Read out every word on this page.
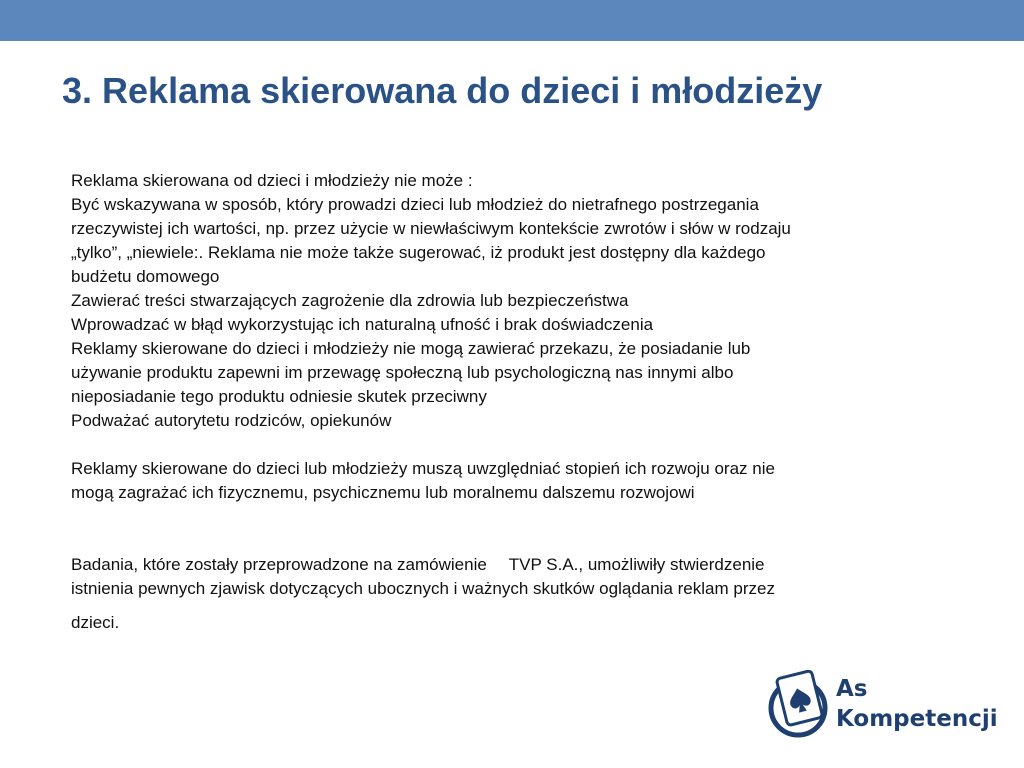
3. Reklama skierowana do dzieci i młodzieży

Reklama skierowana od dzieci i młodzieży nie może :

Być wskazywana w sposób, który prowadzi dzieci lub młodzież do nietrafnego postrzegania

rzeczywistej ich wartości, np. przez użycie w niewłaściwym kontekście zwrotów i słów w rodzaju

„tylko”, „niewiele:. Reklama nie może także sugerować, iż produkt jest dostępny dla każdego

budżetu domowego

Zawierać treści stwarzających zagrożenie dla zdrowia lub bezpieczeństwa

Wprowadzać w błąd wykorzystując ich naturalną ufność i brak doświadczenia

Reklamy skierowane do dzieci i młodzieży nie mogą zawierać przekazu, że posiadanie lub

używanie produktu zapewni im przewagę społeczną lub psychologiczną nas innymi albo

nieposiadanie tego produktu odniesie skutek przeciwny

Podważać autorytetu rodziców, opiekunów

Reklamy skierowane do dzieci lub młodzieży muszą uwzględniać stopień ich rozwoju oraz nie

mogą zagrażać ich fizycznemu, psychicznemu lub moralnemu dalszemu rozwojowi

Badania, które zostały przeprowadzone na zamówienie TVP S.A., umożliwiły stwierdzenie

istnienia pewnych zjawisk dotyczących ubocznych i ważnych skutków oglądania reklam przez

dzieci.

As
Kompetencji
